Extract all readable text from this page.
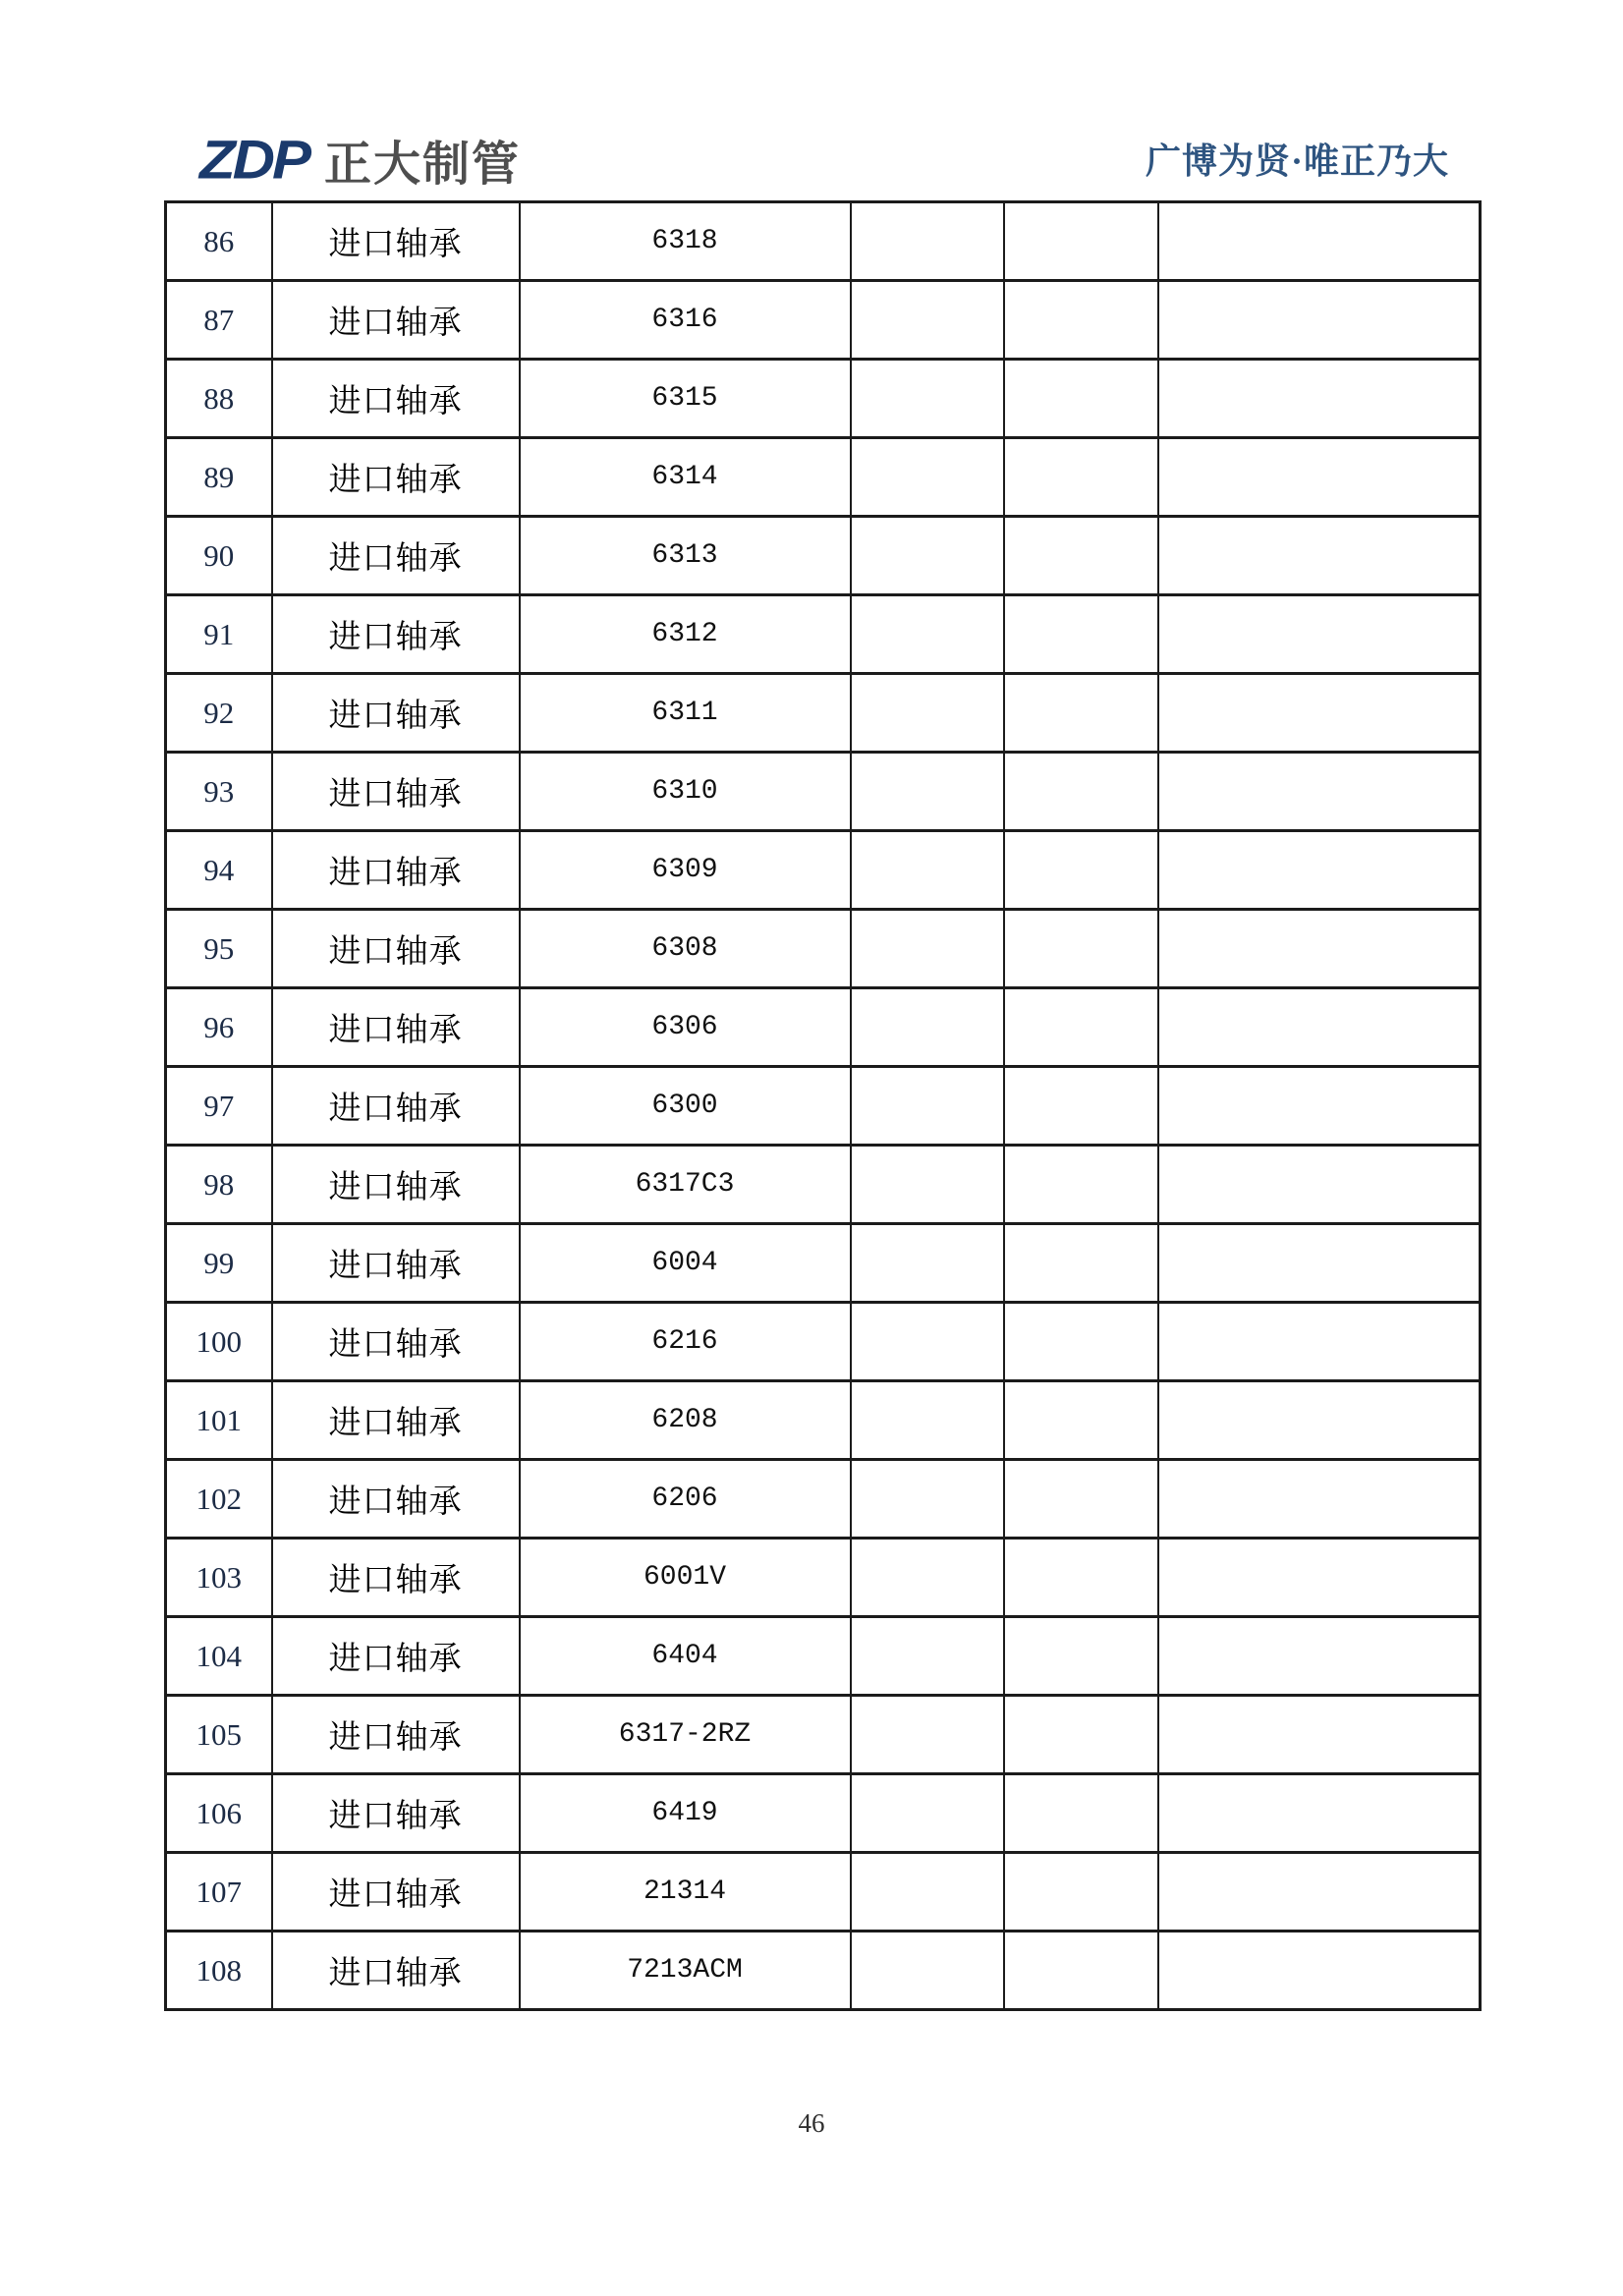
ZDP 正大制管	广博为贤·唯正乃大
86	进口轴承	6318			
87	进口轴承	6316			
88	进口轴承	6315			
89	进口轴承	6314			
90	进口轴承	6313			
91	进口轴承	6312			
92	进口轴承	6311			
93	进口轴承	6310			
94	进口轴承	6309			
95	进口轴承	6308			
96	进口轴承	6306			
97	进口轴承	6300			
98	进口轴承	6317C3			
99	进口轴承	6004			
100	进口轴承	6216			
101	进口轴承	6208			
102	进口轴承	6206			
103	进口轴承	6001V			
104	进口轴承	6404			
105	进口轴承	6317-2RZ			
106	进口轴承	6419			
107	进口轴承	21314			
108	进口轴承	7213ACM			
46
